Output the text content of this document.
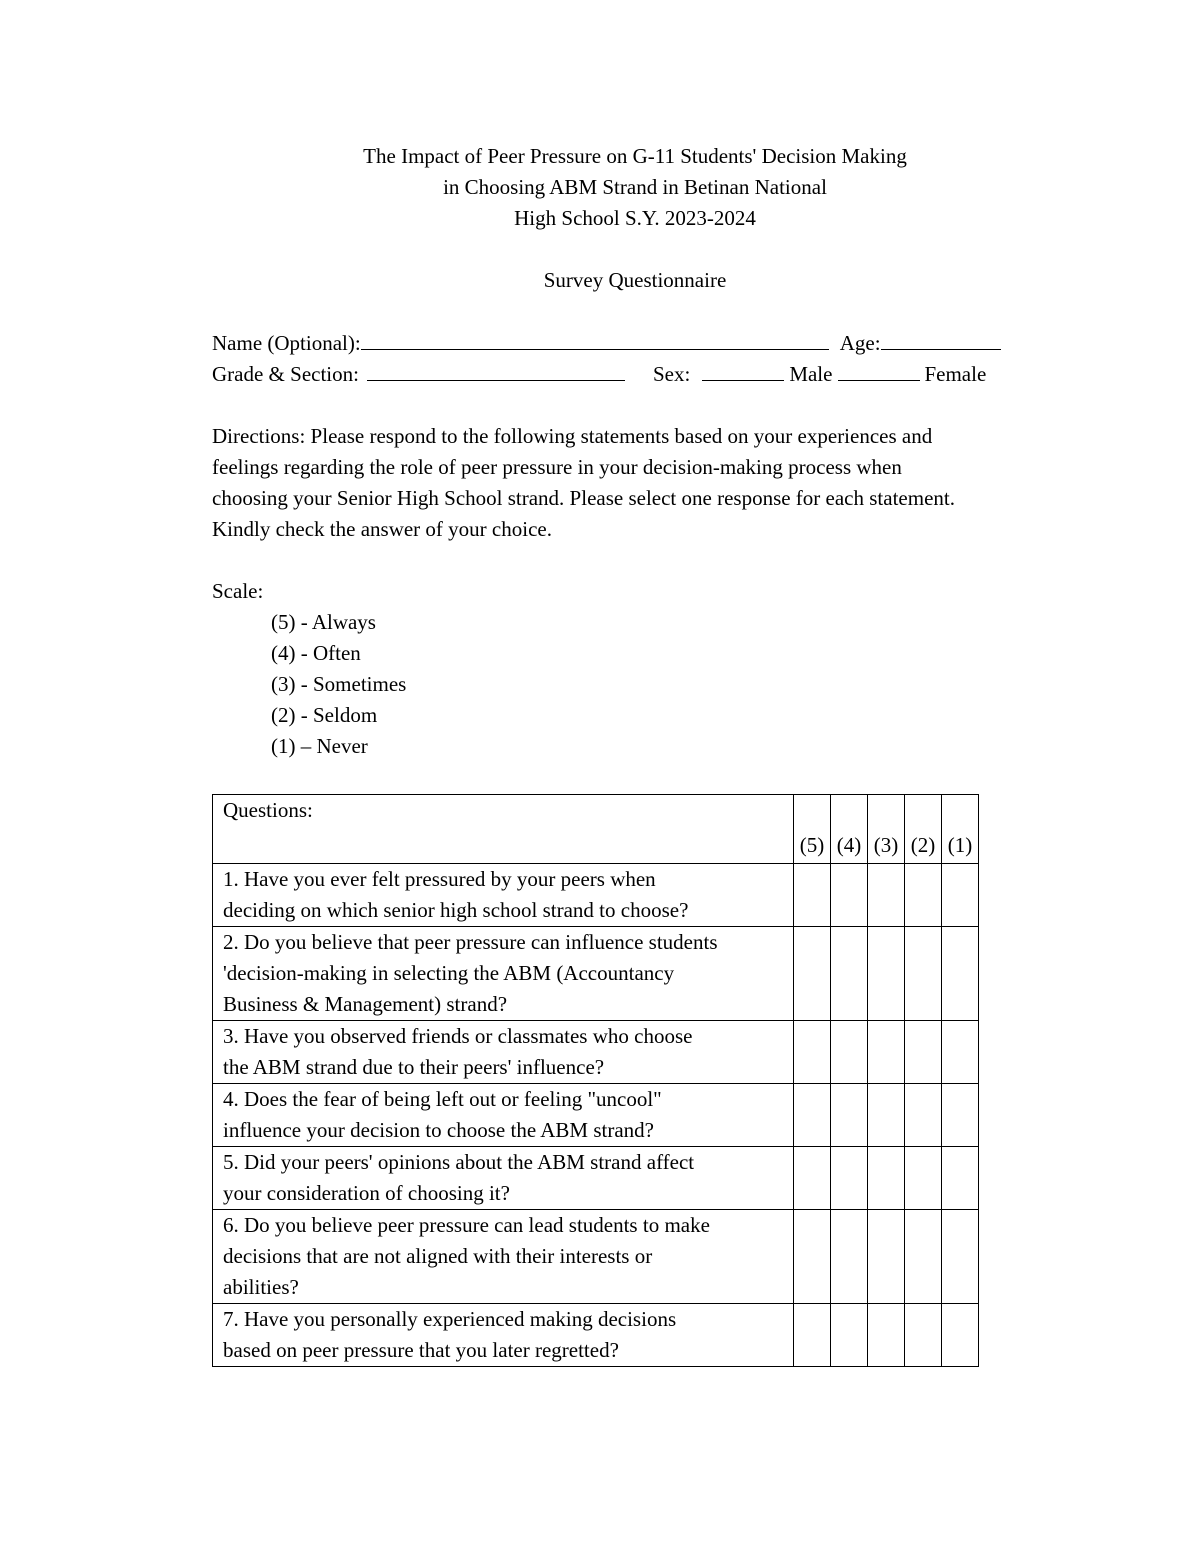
The Impact of Peer Pressure on G-11 Students' Decision Making
in Choosing ABM Strand in Betinan National
High School S.Y. 2023-2024
Survey Questionnaire
Name (Optional):	Age:
Grade & Section:	Sex:	Male	Female
Directions: Please respond to the following statements based on your experiences and
feelings regarding the role of peer pressure in your decision-making process when
choosing your Senior High School strand. Please select one response for each statement.
Kindly check the answer of your choice.
Scale:
(5) - Always
(4) - Often
(3) - Sometimes
(2) - Seldom
(1) – Never
Questions:	(5)	(4)	(3)	(2)	(1)

1. Have you ever felt pressured by your peers when
deciding on which senior high school strand to choose?					

2. Do you believe that peer pressure can influence students
'decision-making in selecting the ABM (Accountancy
Business & Management) strand?					

3. Have you observed friends or classmates who choose
the ABM strand due to their peers' influence?					

4. Does the fear of being left out or feeling "uncool"
influence your decision to choose the ABM strand?					

5. Did your peers' opinions about the ABM strand affect
your consideration of choosing it?					

6. Do you believe peer pressure can lead students to make
decisions that are not aligned with their interests or
abilities?					

7. Have you personally experienced making decisions
based on peer pressure that you later regretted?					
